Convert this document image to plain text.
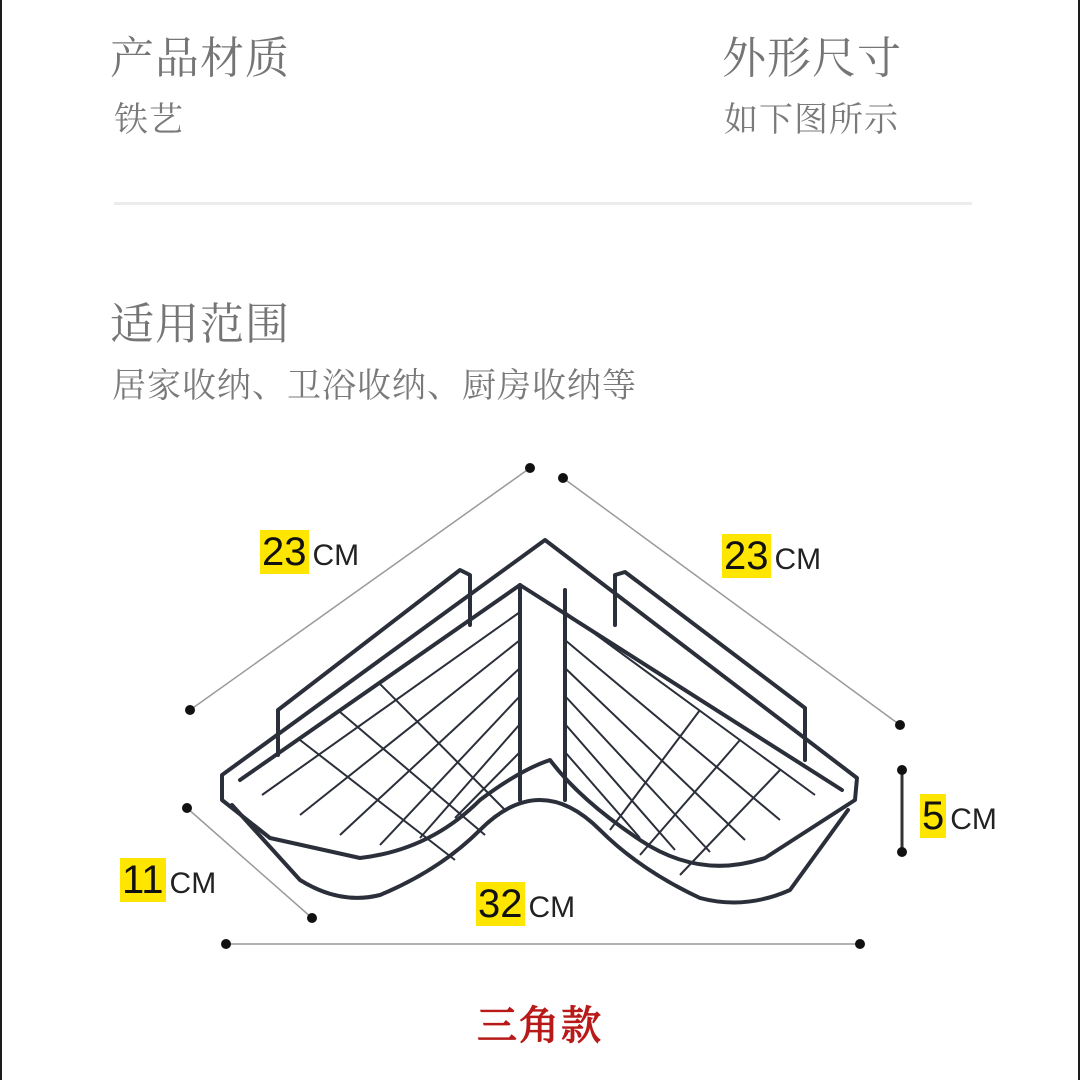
产品材质
铁艺
外形尺寸
如下图所示
适用范围
居家收纳、卫浴收纳、厨房收纳等
23 CM	23 CM
5 CM
11 CM	32 CM
三角款
